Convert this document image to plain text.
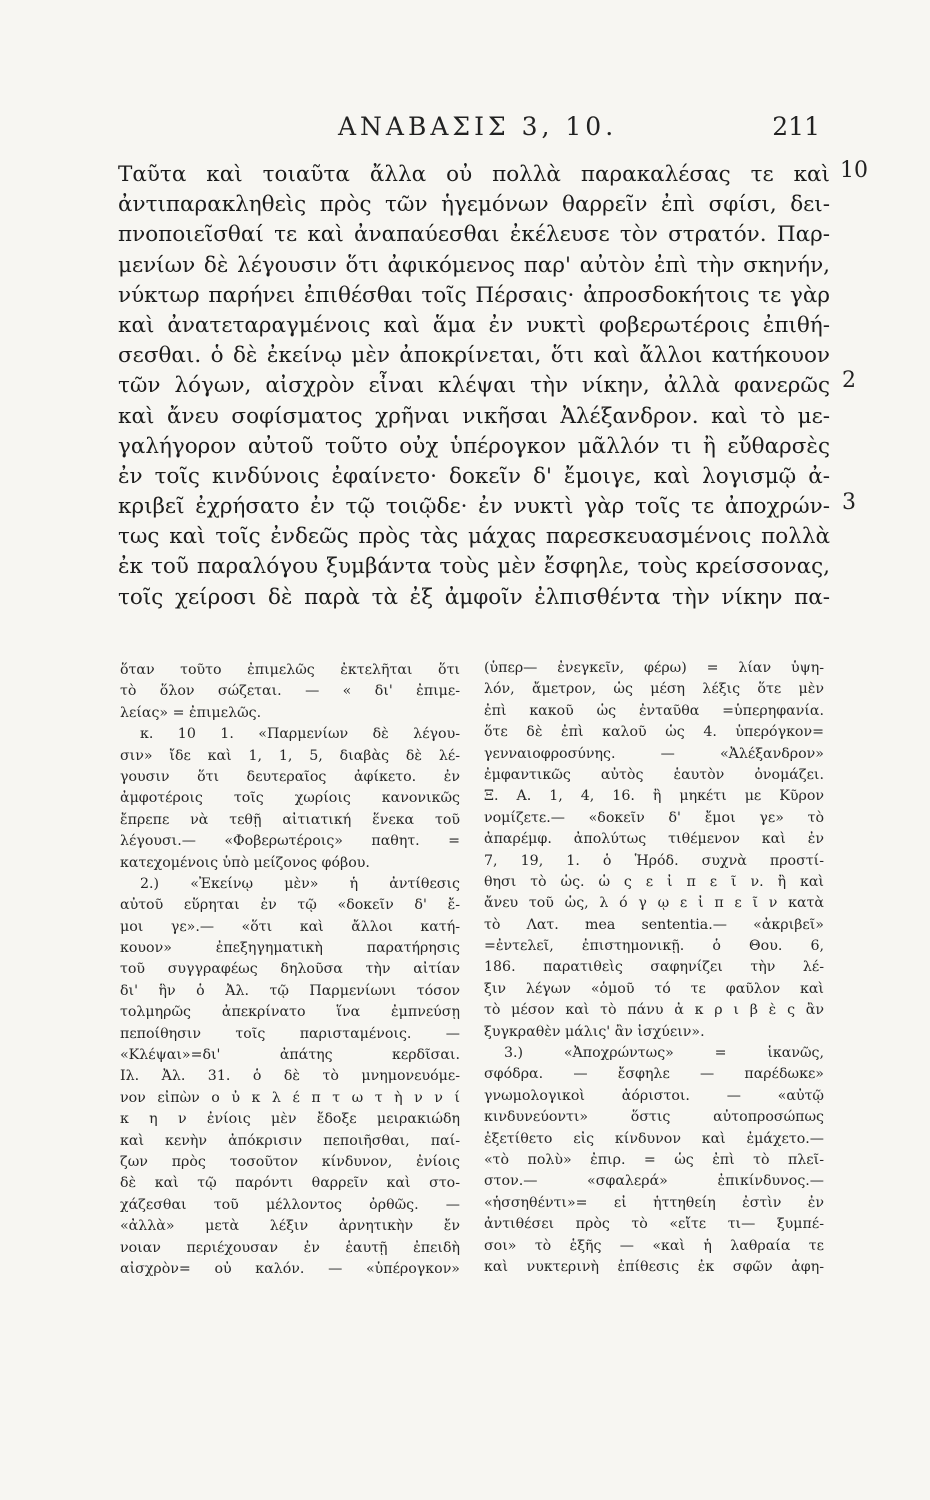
ΑΝΑΒΑΣΙΣ 3, 10.	211
10
2
3
Ταῦτα καὶ τοιαῦτα ἄλλα οὐ πολλὰ παρακαλέσας τε καὶ
ἀντιπαρακληθεὶς πρὸς τῶν ἡγεμόνων θαρρεῖν ἐπὶ σφίσι, δει-
πνοποιεῖσθαί τε καὶ ἀναπαύεσθαι ἐκέλευσε τὸν στρατόν. Παρ-
μενίων δὲ λέγουσιν ὅτι ἀφικόμενος παρ' αὐτὸν ἐπὶ τὴν σκηνήν,
νύκτωρ παρήνει ἐπιθέσθαι τοῖς Πέρσαις· ἀπροσδοκήτοις τε γὰρ
καὶ ἀνατεταραγμένοις καὶ ἅμα ἐν νυκτὶ φοβερωτέροις ἐπιθή-
σεσθαι. ὁ δὲ ἐκείνῳ μὲν ἀποκρίνεται, ὅτι καὶ ἄλλοι κατήκουον
τῶν λόγων, αἰσχρὸν εἶναι κλέψαι τὴν νίκην, ἀλλὰ φανερῶς
καὶ ἄνευ σοφίσματος χρῆναι νικῆσαι Ἀλέξανδρον. καὶ τὸ με-
γαλήγορον αὐτοῦ τοῦτο οὐχ ὑπέρογκον μᾶλλόν τι ἢ εὔθαρσὲς
ἐν τοῖς κινδύνοις ἐφαίνετο· δοκεῖν δ' ἔμοιγε, καὶ λογισμῷ ἀ-
κριβεῖ ἐχρήσατο ἐν τῷ τοιῷδε· ἐν νυκτὶ γὰρ τοῖς τε ἀποχρών-
τως καὶ τοῖς ἐνδεῶς πρὸς τὰς μάχας παρεσκευασμένοις πολλὰ
ἐκ τοῦ παραλόγου ξυμβάντα τοὺς μὲν ἔσφηλε, τοὺς κρείσσονας,
τοῖς χείροσι δὲ παρὰ τὰ ἐξ ἀμφοῖν ἐλπισθέντα τὴν νίκην πα-
ὅταν τοῦτο ἐπιμελῶς ἐκτελῆται ὅτι
τὸ ὅλον σώζεται. — « δι' ἐπιμε-
λείας» = ἐπιμελῶς.
κ. 10 1. «Παρμενίων δὲ λέγου-
σιν» ἴδε καὶ 1, 1, 5, διαβὰς δὲ λέ-
γουσιν ὅτι δευτεραῖος ἀφίκετο. ἐν
ἀμφοτέροις τοῖς χωρίοις κανονικῶς
ἔπρεπε νὰ τεθῇ αἰτιατική ἕνεκα τοῦ
λέγουσι.— «Φοβερωτέροις» παθητ. =
κατεχομένοις ὑπὸ μείζονος φόβου.
2.) «Ἐκείνῳ μὲν» ἡ ἀντίθεσις
αὐτοῦ εὕρηται ἐν τῷ «δοκεῖν δ' ἔ-
μοι γε».— «ὅτι καὶ ἄλλοι κατή-
κουον» ἐπεξηγηματικὴ παρατήρησις
τοῦ συγγραφέως δηλοῦσα τὴν αἰτίαν
δι' ἣν ὁ Ἀλ. τῷ Παρμενίωνι τόσον
τολμηρῶς ἀπεκρίνατο ἵνα ἐμπνεύσῃ
πεποίθησιν τοῖς παρισταμένοις. —
«Κλέψαι»=δι' ἀπάτης κερδῖσαι.
Ιλ. Ἀλ. 31. ὁ δὲ τὸ μνημονευόμε-
νον εἰπὼν ο ὐ κ λ έ π τ ω τ ὴ ν ν ί
κ η ν ἐνίοις μὲν ἔδοξε μειρακιώδη
καὶ κενὴν ἀπόκρισιν πεποιῆσθαι, παί-
ζων πρὸς τοσοῦτον κίνδυνον, ἐνίοις
δὲ καὶ τῷ παρόντι θαρρεῖν καὶ στο-
χάζεσθαι τοῦ μέλλοντος ὀρθῶς. —
«ἀλλὰ» μετὰ λέξιν ἀρνητικὴν ἔν
νοιαν περιέχουσαν ἐν ἑαυτῇ ἐπειδὴ
αἰσχρὸν= οὐ καλόν. — «ὑπέρογκον»
(ὑπερ— ἐνεγκεῖν, φέρω) = λίαν ὑψη-
λόν, ἄμετρον, ὡς μέση λέξις ὅτε μὲν
ἐπὶ κακοῦ ὡς ἐνταῦθα =ὑπερηφανία.
ὅτε δὲ ἐπὶ καλοῦ ὡς 4. ὑπερόγκον=
γενναιοφροσύνης. — «Ἀλέξανδρον»
ἐμφαντικῶς αὐτὸς ἑαυτὸν ὀνομάζει.
Ξ. Α. 1, 4, 16. ἢ μηκέτι με Κῦρον
νομίζετε.— «δοκεῖν δ' ἔμοι γε» τὸ
ἀπαρέμφ. ἀπολύτως τιθέμενον καὶ ἐν
7, 19, 1. ὁ Ἡρόδ. συχνὰ προστί-
θησι τὸ ὡς. ὡ ς ε ἰ π ε ῖ ν. ἢ καὶ
ἄνευ τοῦ ὡς, λ ό γ ῳ ε ἰ π ε ῖ ν κατὰ
τὸ Λατ. mea sententia.— «ἀκριβεῖ»
=ἐντελεῖ, ἐπιστημονικῇ. ὁ Θου. 6,
186. παρατιθεὶς σαφηνίζει τὴν λέ-
ξιν λέγων «ὁμοῦ τό τε φαῦλον καὶ
τὸ μέσον καὶ τὸ πάνυ ἀ κ ρ ι β ὲ ς ἂν
ξυγκραθὲν μάλις' ἂν ἰσχύειν».
3.) «Ἀποχρώντως» = ἱκανῶς,
σφόδρα. — ἔσφηλε — παρέδωκε»
γνωμολογικοὶ ἀόριστοι. — «αὐτῷ
κινδυνεύοντι» ὅστις αὐτοπροσώπως
ἐξετίθετο εἰς κίνδυνον καὶ ἐμάχετο.—
«τὸ πολὺ» ἐπιρ. = ὡς ἐπὶ τὸ πλεῖ-
στον.— «σφαλερά» ἐπικίνδυνος.—
«ἡσσηθέντι»= εἰ ἡττηθείη ἐστὶν ἐν
ἀντιθέσει πρὸς τὸ «εἴτε τι— ξυμπέ-
σοι» τὸ ἑξῆς — «καὶ ἡ λαθραία τε
καὶ νυκτερινὴ ἐπίθεσις ἐκ σφῶν ἀφη-
